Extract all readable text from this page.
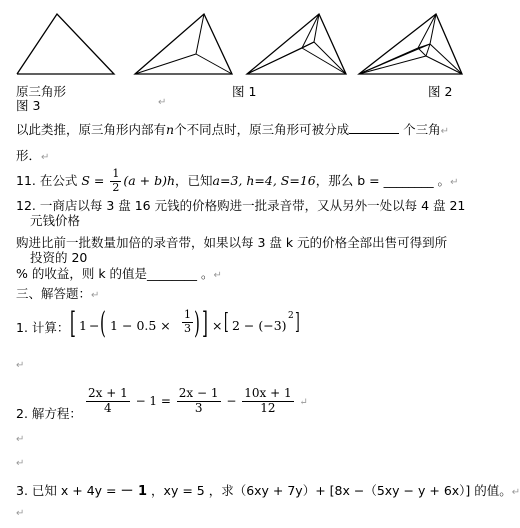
原三角形	图 1	图 2
图 3	↵
以此类推，原三角形内部有n个不同点时，原三角形可被分成	个三角↵
形．↵
11. 在公式 $S = \frac{1}{2} (a + b)h$，已知a=3, h=4, S=16，那么 b = ________ 。↵
12. 一商店以每 3 盘 16 元钱的价格购进一批录音带，又从另外一处以每 4 盘 21
元钱价格
购进比前一批数量加倍的录音带，如果以每 3 盘 k 元的价格全部出售可得到所
投资的 20
% 的收益，则 k 的值是________ 。↵
三、解答题：↵
1. 计算： [ 1 − ( $1 - 0.5 \times \frac{1}{3}$ ) ] × [ 2 − (−3)
2 ]
↵
2. 解方程： $\frac{2x + 1}{4} - 1 = \frac{2x - 1}{3} - \frac{10x + 1}{12}$ ↵
↵
↵
3. 已知 x + 4y = － 1 ，xy = 5 ，求（6xy + 7y）+ [8x −（5xy − y + 6x）] 的值。↵
↵
